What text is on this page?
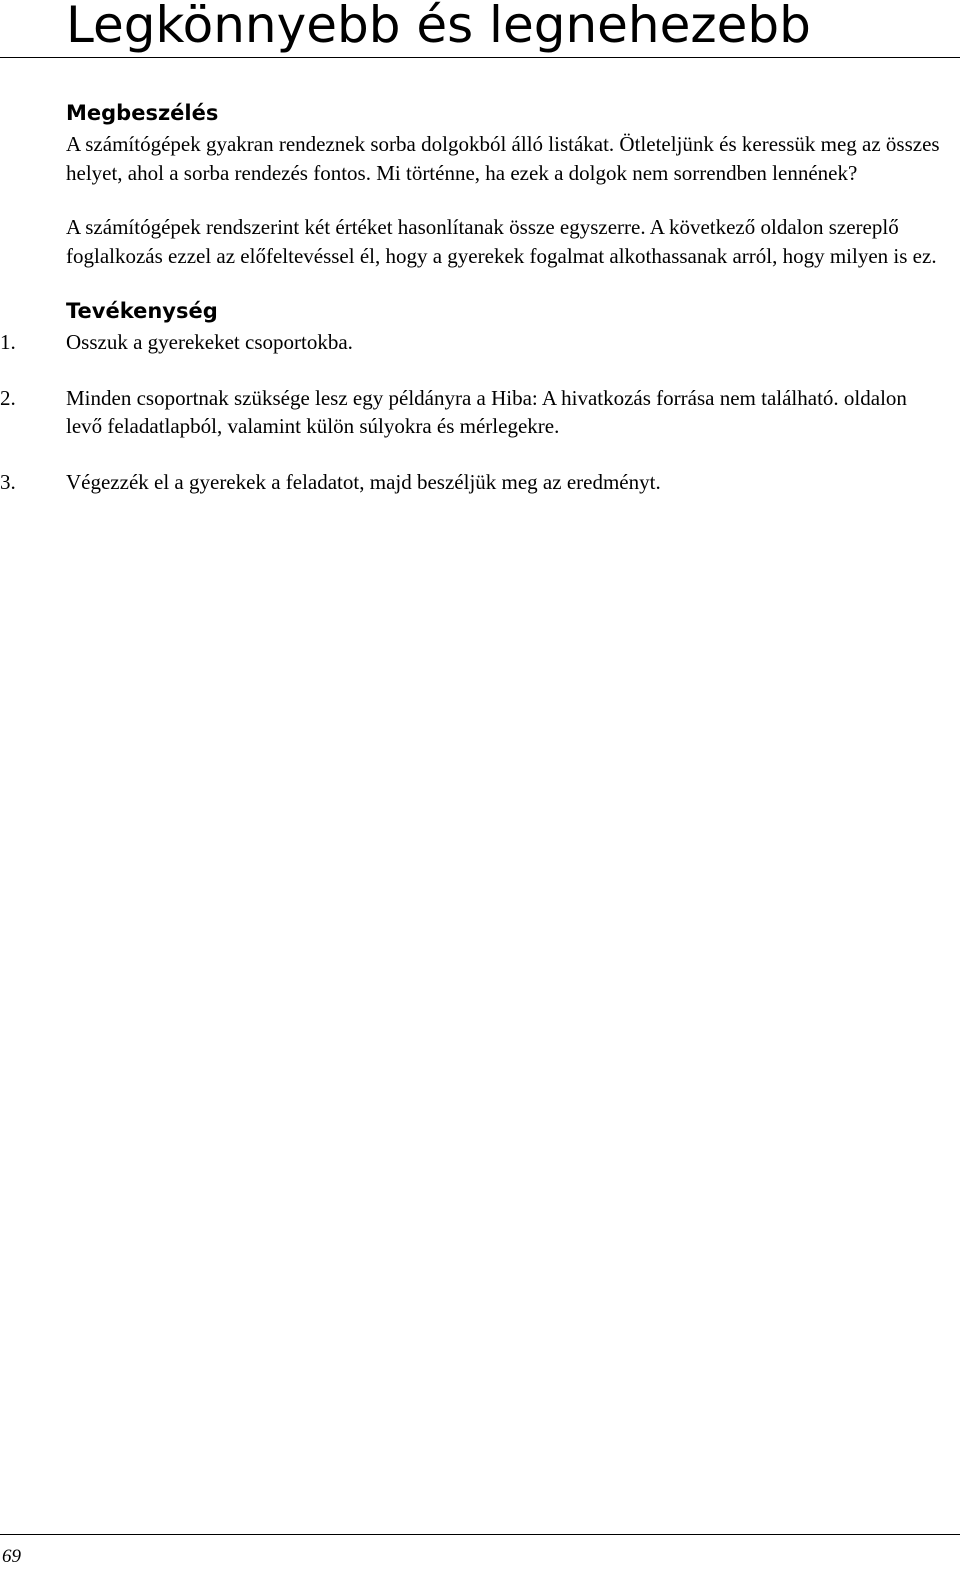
Legkönnyebb és legnehezebb
Megbeszélés

A számítógépek gyakran rendeznek sorba dolgokból álló listákat. Ötleteljünk és keressük meg az összes helyet, ahol a sorba rendezés fontos. Mi történne, ha ezek a dolgok nem sorrendben lennének?

A számítógépek rendszerint két értéket hasonlítanak össze egyszerre. A következő oldalon szereplő foglalkozás ezzel az előfeltevéssel él, hogy a gyerekek fogalmat alkothassanak arról, hogy milyen is ez.

Tevékenység
1. Osszuk a gyerekeket csoportokba.
2. Minden csoportnak szüksége lesz egy példányra a Hiba: A hivatkozás forrása nem található. oldalon levő feladatlapból, valamint külön súlyokra és mérlegekre.
3. Végezzék el a gyerekek a feladatot, majd beszéljük meg az eredményt.
69
